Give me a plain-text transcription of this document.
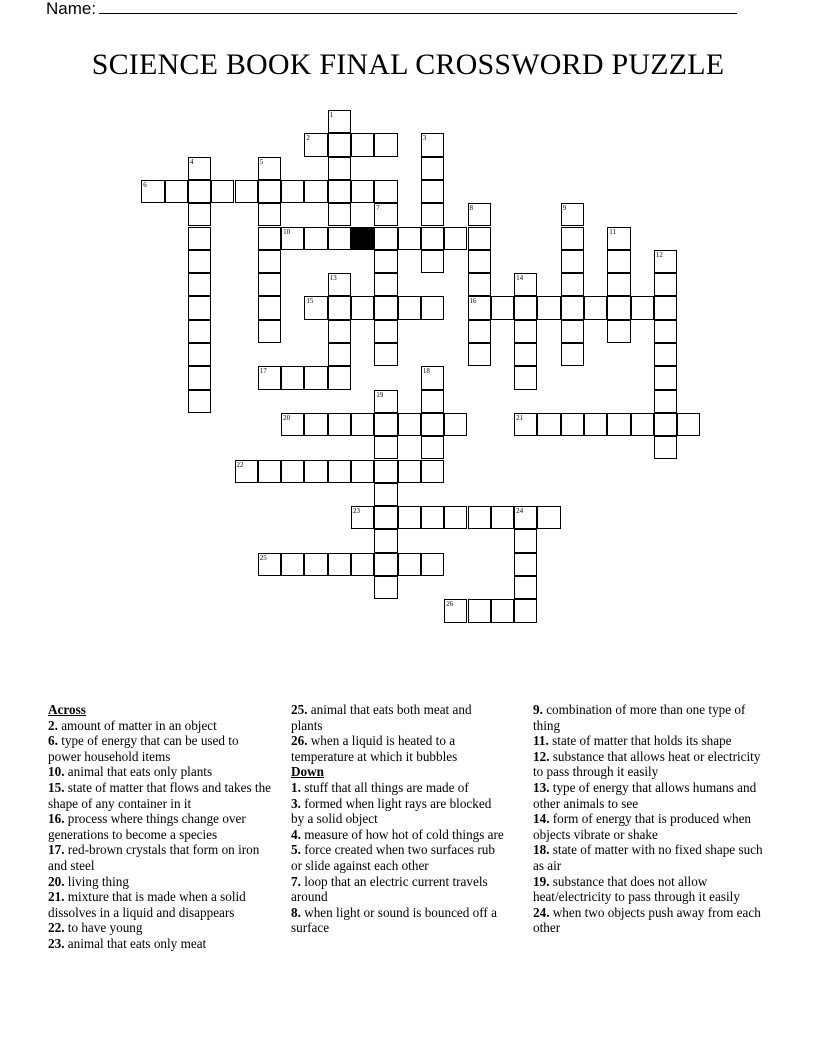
Name:
SCIENCE BOOK FINAL CROSSWORD PUZZLE
1
2	3
4	5
6
7	8
16
9
10	11
12
13	14
15
17	18
19
20	21
22
23	24
25
26
Across
2. amount of matter in an object
6. type of energy that can be used to power household items
10. animal that eats only plants
15. state of matter that flows and takes the shape of any container in it
16. process where things change over generations to become a species
17. red-brown crystals that form on iron and steel
20. living thing
21. mixture that is made when a solid dissolves in a liquid and disappears
22. to have young
23. animal that eats only meat
25. animal that eats both meat and plants
26. when a liquid is heated to a temperature at which it bubbles
Down
1. stuff that all things are made of
3. formed when light rays are blocked by a solid object
4. measure of how hot of cold things are
5. force created when two surfaces rub or slide against each other
7. loop that an electric current travels around
8. when light or sound is bounced off a surface
9. combination of more than one type of thing
11. state of matter that holds its shape
12. substance that allows heat or electricity to pass through it easily
13. type of energy that allows humans and other animals to see
14. form of energy that is produced when objects vibrate or shake
18. state of matter with no fixed shape such as air
19. substance that does not allow heat/electricity to pass through it easily
24. when two objects push away from each other
